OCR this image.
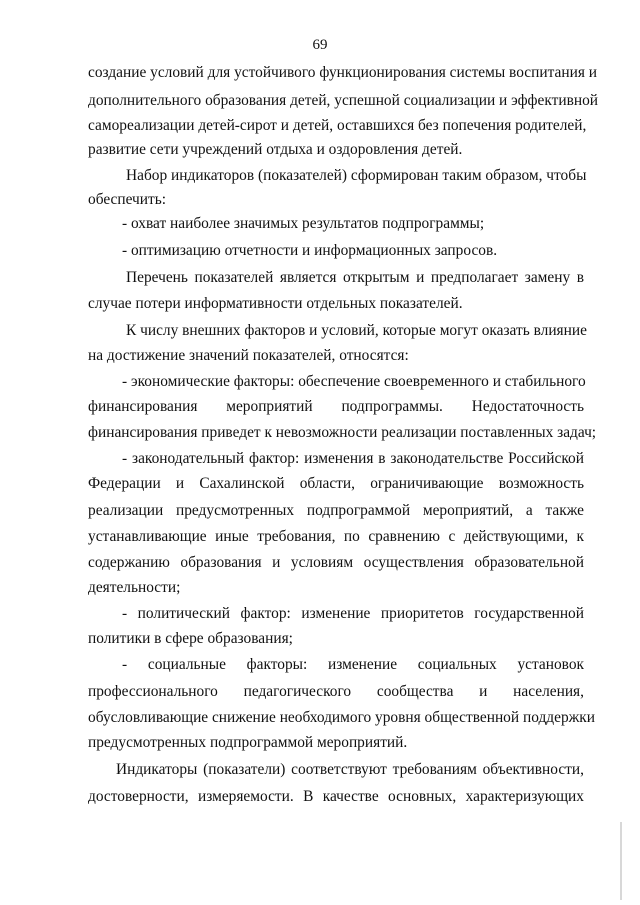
69
создание условий для устойчивого функционирования системы воспитания и
дополнительного образования детей, успешной социализации и эффективной
самореализации детей-сирот и детей, оставшихся без попечения родителей,
развитие сети учреждений отдыха и оздоровления детей.
Набор индикаторов (показателей) сформирован таким образом, чтобы
обеспечить:
- охват наиболее значимых результатов подпрограммы;
- оптимизацию отчетности и информационных запросов.
Перечень показателей является открытым и предполагает замену в
случае потери информативности отдельных показателей.
К числу внешних факторов и условий, которые могут оказать влияние
на достижение значений показателей, относятся:
- экономические факторы: обеспечение своевременного и стабильного
финансирования мероприятий подпрограммы. Недостаточность
финансирования приведет к невозможности реализации поставленных задач;
- законодательный фактор: изменения в законодательстве Российской
Федерации и Сахалинской области, ограничивающие возможность
реализации предусмотренных подпрограммой мероприятий, а также
устанавливающие иные требования, по сравнению с действующими, к
содержанию образования и условиям осуществления образовательной
деятельности;
- политический фактор: изменение приоритетов государственной
политики в сфере образования;
- социальные факторы: изменение социальных установок
профессионального педагогического сообщества и населения,
обусловливающие снижение необходимого уровня общественной поддержки
предусмотренных подпрограммой мероприятий.
Индикаторы (показатели) соответствуют требованиям объективности,
достоверности, измеряемости. В качестве основных, характеризующих
